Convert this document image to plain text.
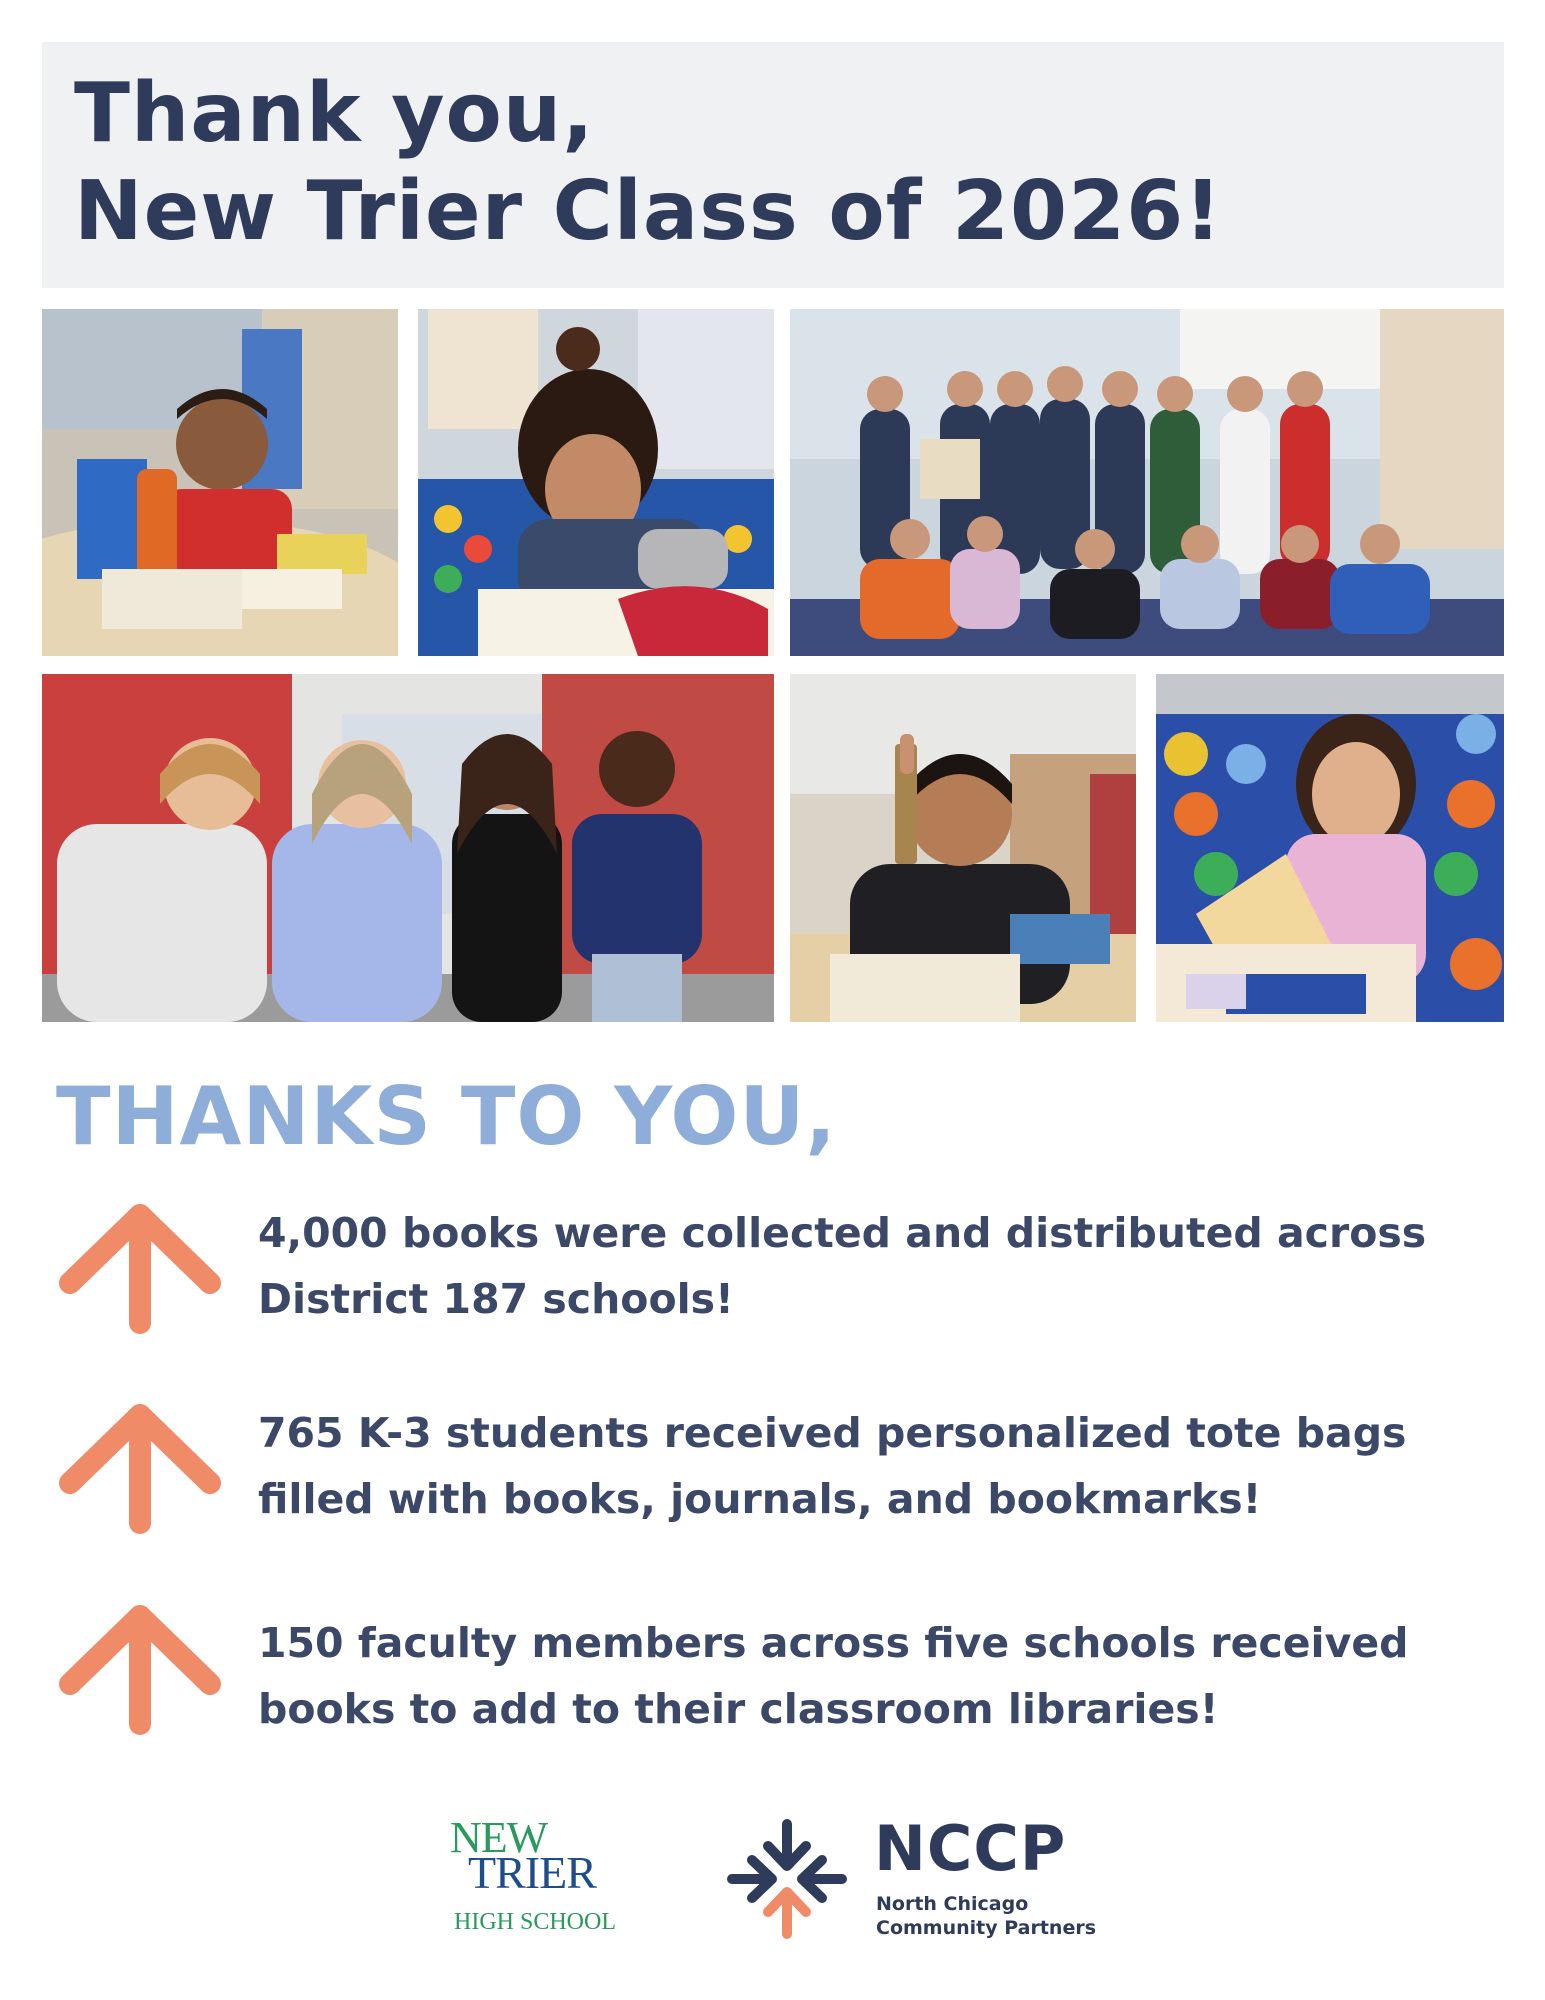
Thank you,
New Trier Class of 2026!
THANKS TO YOU,
4,000 books were collected and distributed across
District 187 schools!
765 K-3 students received personalized tote bags
filled with books, journals, and bookmarks!
150 faculty members across five schools received
books to add to their classroom libraries!
NEW
TRIER
HIGH SCHOOL
NCCP
North Chicago
Community Partners
